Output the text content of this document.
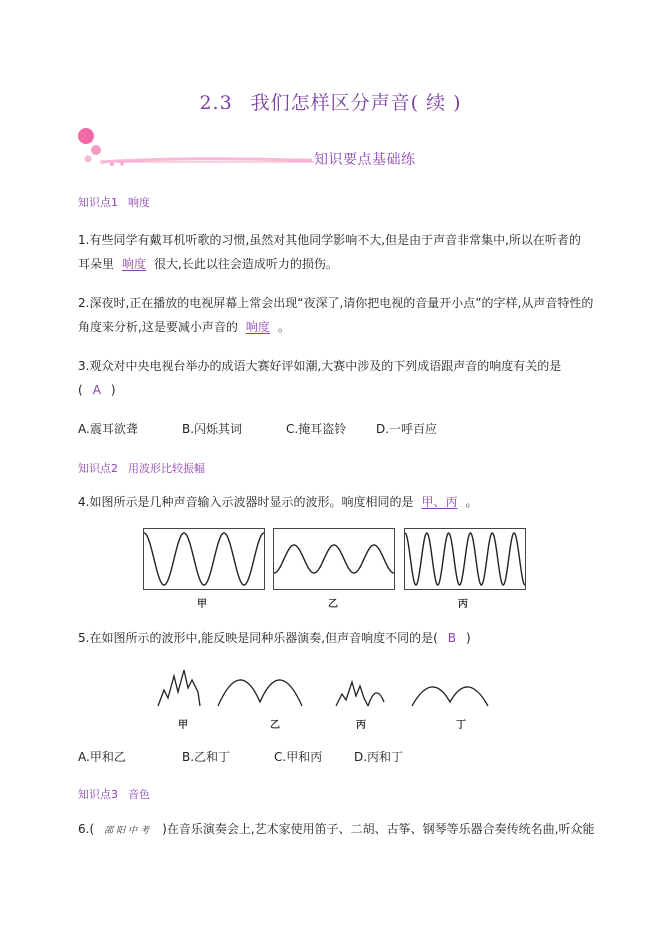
2.3 我们怎样区分声音( 续 )
知识要点基础练
知识点1 响度
1.有些同学有戴耳机听歌的习惯,虽然对其他同学影响不大,但是由于声音非常集中,所以在听者的
耳朵里 响度 很大,长此以往会造成听力的损伤。
2.深夜时,正在播放的电视屏幕上常会出现“夜深了,请你把电视的音量开小点”的字样,从声音特性的
角度来分析,这是要减小声音的 响度 。
3.观众对中央电视台举办的成语大赛好评如潮,大赛中涉及的下列成语跟声音的响度有关的是
( A )
A.震耳欲聋	B.闪烁其词	C.掩耳盗铃 D.一呼百应
知识点2 用波形比较振幅
4.如图所示是几种声音输入示波器时显示的波形。响度相同的是 甲、丙 。
甲	乙	丙
5.在如图所示的波形中,能反映是同种乐器演奏,但声音响度不同的是( B )
甲	乙	丙	丁
A.甲和乙	B.乙和丁	C.甲和丙	D.丙和丁
知识点3 音色
6.( 邵阳中考 )在音乐演奏会上,艺术家使用笛子、二胡、古筝、钢琴等乐器合奏传统名曲,听众能
